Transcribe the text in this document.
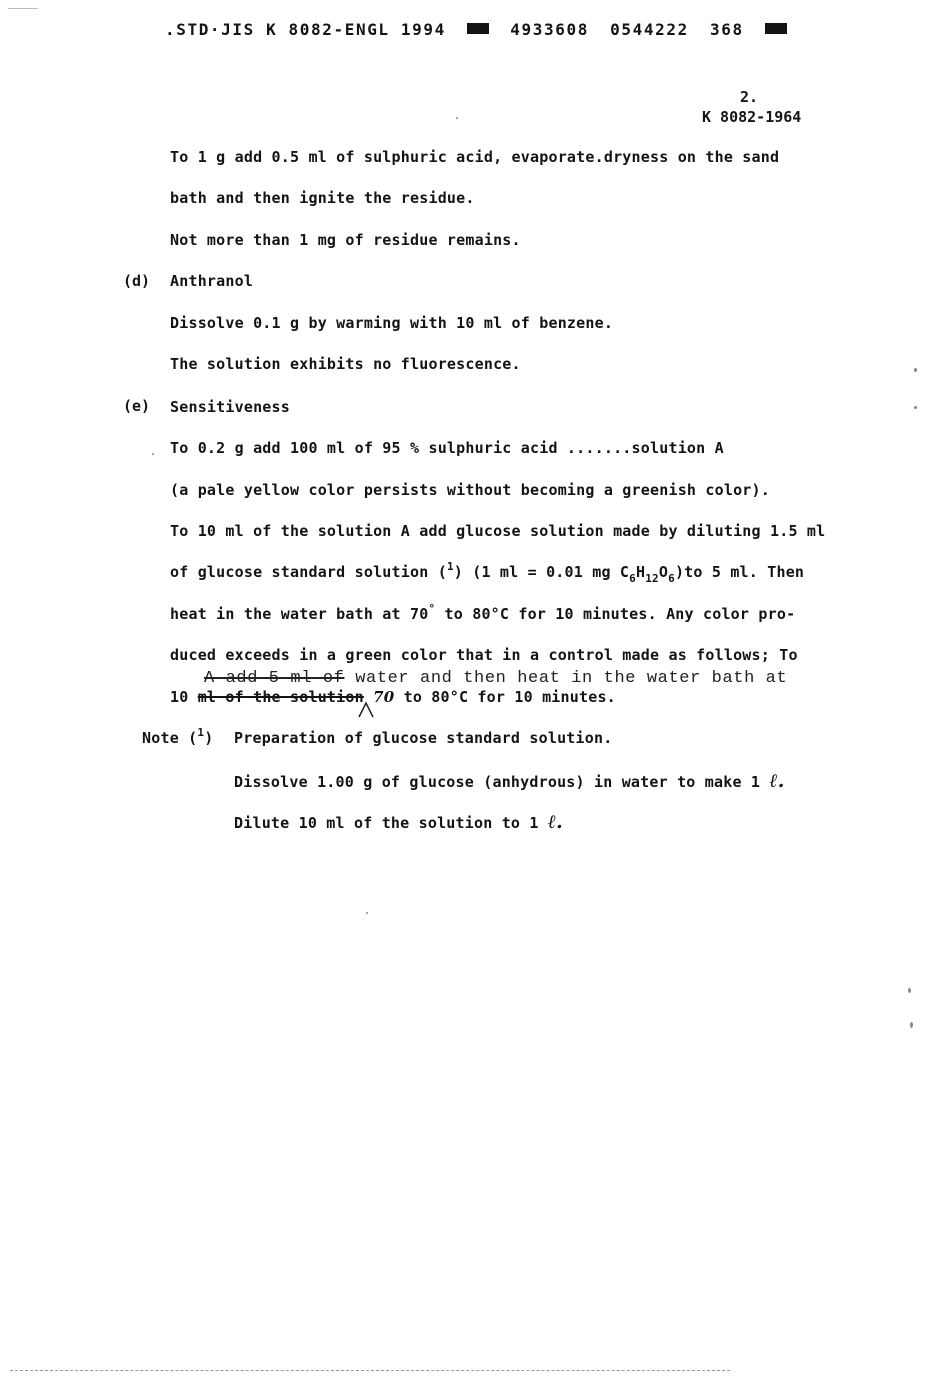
.STD·JIS K 8082-ENGL 1994	4933608 0544222 368
2.
K 8082-1964
To 1 g add 0.5 ml of sulphuric acid, evaporate.dryness on the sand
bath and then ignite the residue.
Not more than 1 mg of residue remains.
(d) Anthranol
Dissolve 0.1 g by warming with 10 ml of benzene.
The solution exhibits no fluorescence.
(e) Sensitiveness
To 0.2 g add 100 ml of 95 % sulphuric acid .......solution A
(a pale yellow color persists without becoming a greenish color).
To 10 ml of the solution A add glucose solution made by diluting 1.5 ml
of glucose standard solution ($^1$) (1 ml = 0.01 mg $C_6H_{12}O_6)to$ 5 ml. Then
heat in the water bath at 70° to 80°C for 10 minutes. Any color pro-
duced exceeds in a green color that in a control made as follows; To
A add 5 ml of water and then heat in the water bath at
10 ml of the solution 70 to 80°C for 10 minutes.
Note ($^1$) Preparation of glucose standard solution.
Dissolve 1.00 g of glucose (anhydrous) in water to make 1 ℓ.
Dilute 10 ml of the solution to 1 ℓ.
